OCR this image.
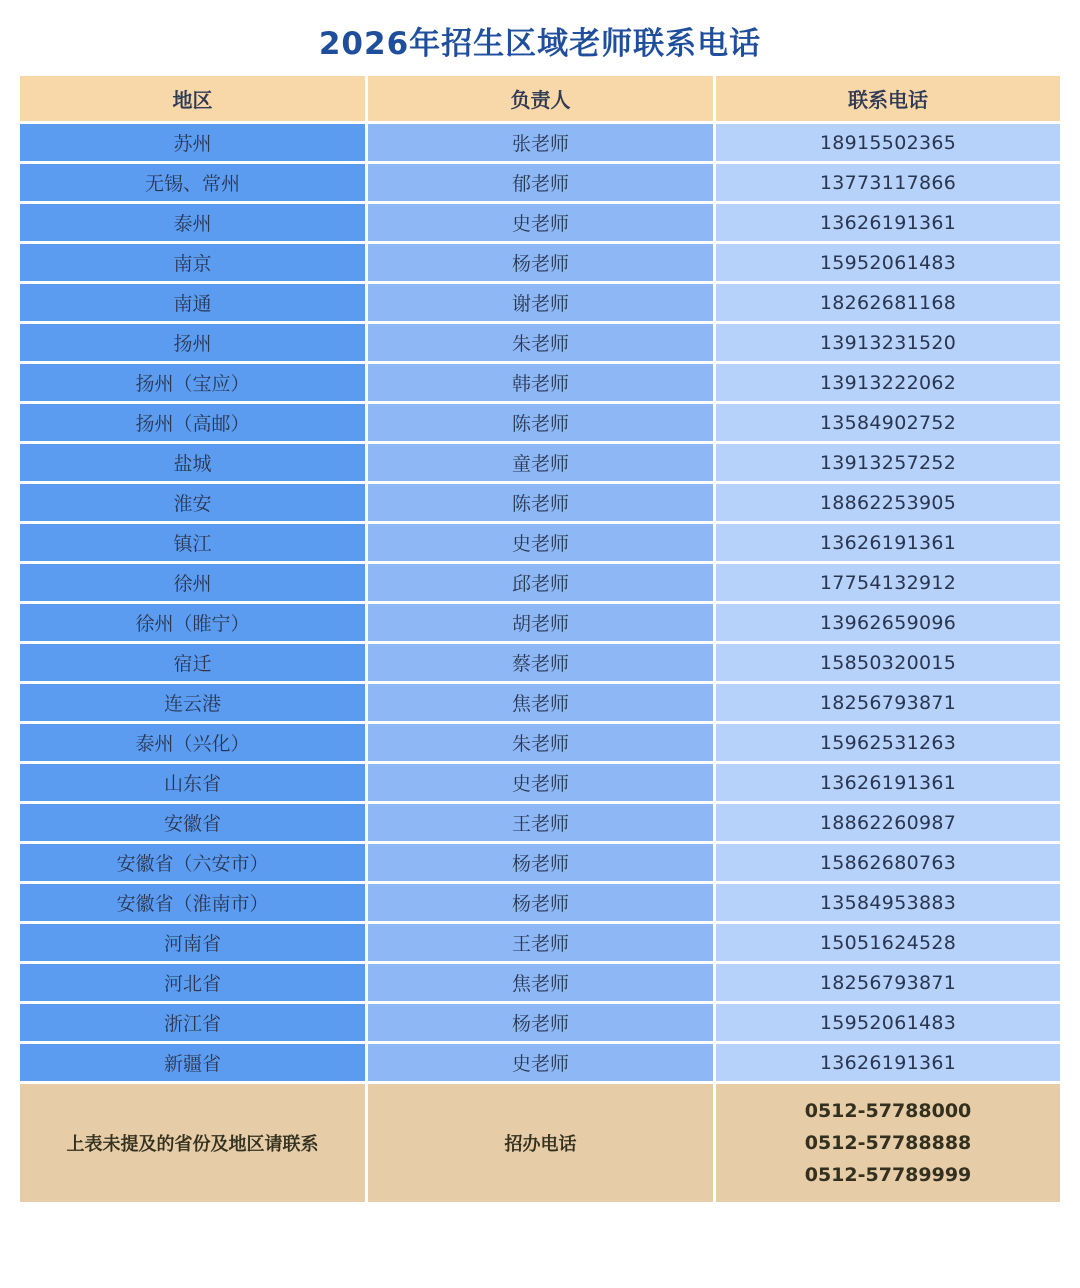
2026年招生区域老师联系电话
地区	负责人	联系电话
苏州	张老师	18915502365
无锡、常州	郁老师	13773117866
泰州	史老师	13626191361
南京	杨老师	15952061483
南通	谢老师	18262681168
扬州	朱老师	13913231520
扬州（宝应）	韩老师	13913222062
扬州（高邮）	陈老师	13584902752
盐城	童老师	13913257252
淮安	陈老师	18862253905
镇江	史老师	13626191361
徐州	邱老师	17754132912
徐州（睢宁）	胡老师	13962659096
宿迁	蔡老师	15850320015
连云港	焦老师	18256793871
泰州（兴化）	朱老师	15962531263
山东省	史老师	13626191361
安徽省	王老师	18862260987
安徽省（六安市）	杨老师	15862680763
安徽省（淮南市）	杨老师	13584953883
河南省	王老师	15051624528
河北省	焦老师	18256793871
浙江省	杨老师	15952061483
新疆省	史老师	13626191361
上表未提及的省份及地区请联系	招办电话
0512-57788000
0512-57788888
0512-57789999
